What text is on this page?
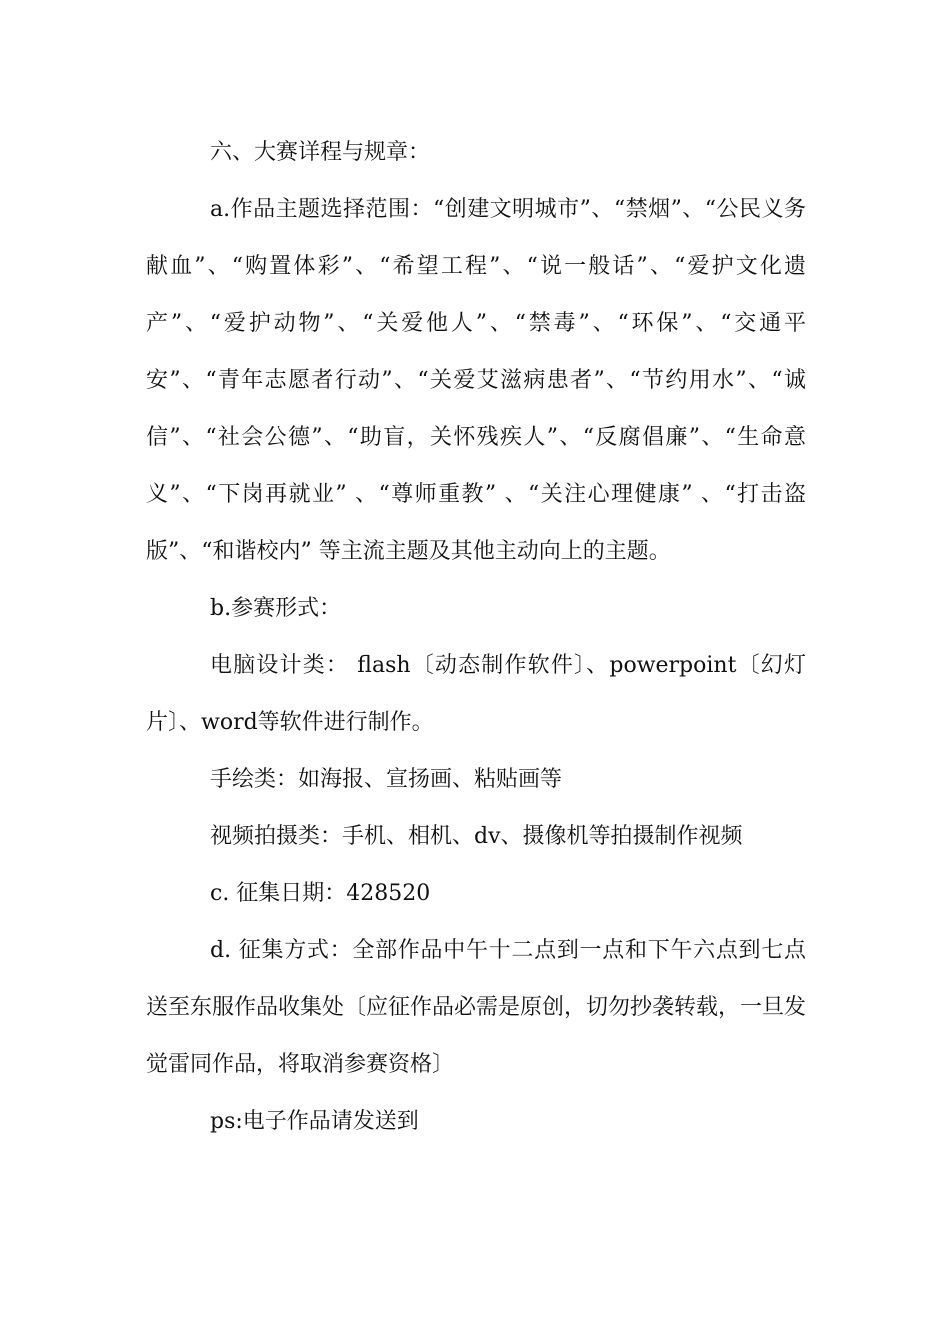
六、大赛详程与规章：

a.作品主题选择范围：“创建文明城市”、“禁烟”、“公民义务献血”、“购置体彩”、“希望工程”、“说一般话”、“爱护文化遗产”、“爱护动物”、“关爱他人”、“禁毒”、“环保”、“交通平安”、“青年志愿者行动”、“关爱艾滋病患者”、“节约用水”、“诚信”、“社会公德”、“助盲，关怀残疾人”、“反腐倡廉”、“生命意义”、“下岗再就业” 、“尊师重教” 、“关注心理健康” 、“打击盗版”、“和谐校内” 等主流主题及其他主动向上的主题。

b.参赛形式：

电脑设计类： flash〔动态制作软件〕、powerpoint〔幻灯片〕、word等软件进行制作。

手绘类：如海报、宣扬画、粘贴画等

视频拍摄类：手机、相机、dv、摄像机等拍摄制作视频

c. 征集日期：428520

d. 征集方式：全部作品中午十二点到一点和下午六点到七点送至东服作品收集处〔应征作品必需是原创，切勿抄袭转载，一旦发觉雷同作品，将取消参赛资格〕

ps:电子作品请发送到
